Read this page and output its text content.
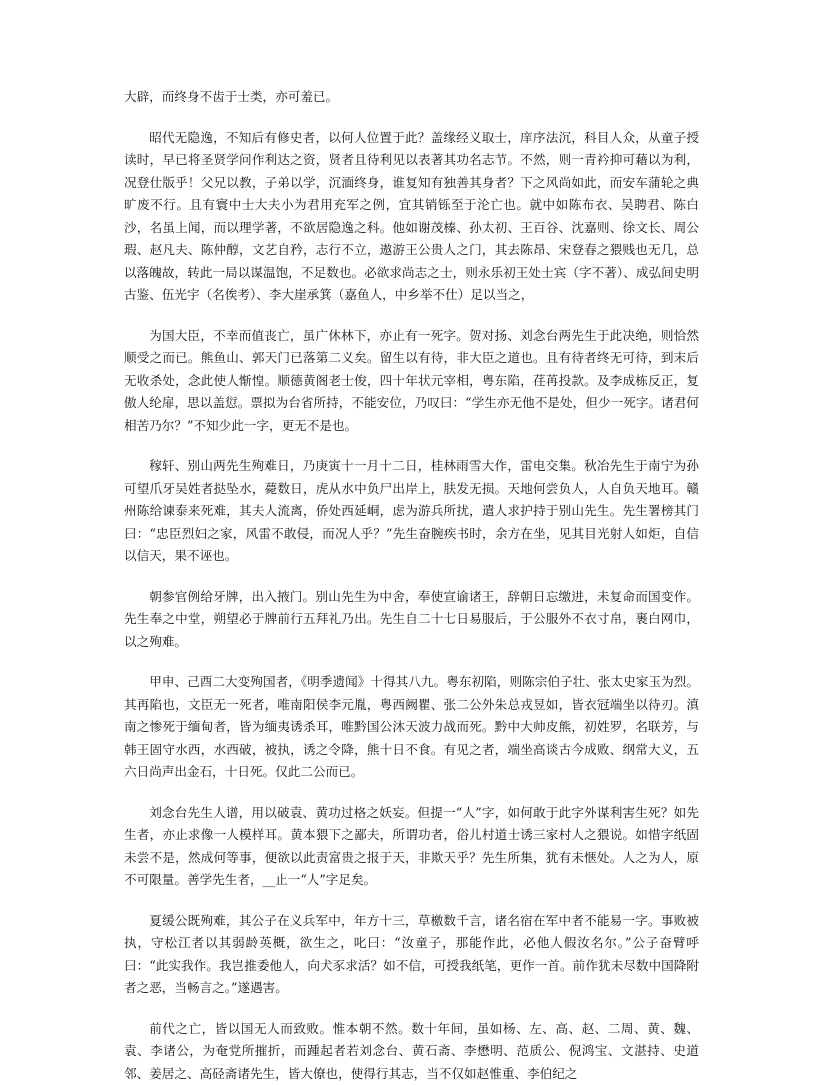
大辟，而终身不齿于士类，亦可羞已。

昭代无隐逸，不知后有修史者，以何人位置于此？盖缘经义取士，庠序法沉，科目人众，从童子授读时，早已将圣贤学问作利达之资，贤者且待利见以表著其功名志节。不然，则一青衿抑可藉以为利，况登仕版乎！父兄以教，子弟以学，沉湎终身，谁复知有独善其身者？下之风尚如此，而安车蒲轮之典旷废不行。且有寰中士大夫小为君用充军之例，宜其销铄至于沦亡也。就中如陈布衣、吴聘君、陈白沙，名虽上闻，而以理学著，不欲居隐逸之科。他如谢茂榛、孙太初、王百谷、沈嘉则、徐文长、周公瑕、赵凡夫、陈仲醇，文艺自矜，志行不立，遨游王公贵人之门，其去陈昂、宋登春之猥贱也无几，总以落魄故，转此一局以谋温饱，不足数也。必欲求尚志之士，则永乐初王处士宾（字不著）、成弘间史明古鉴、伍光宇（名俟考）、李大崖承箕（嘉鱼人，中乡举不仕）足以当之，

为国大臣，不幸而值丧亡，虽广休林下，亦止有一死字。贺对扬、刘念台两先生于此决绝，则恰然顺受之而已。熊鱼山、郭天门已落第二义矣。留生以有待，非大臣之道也。且有待者终无可待，到末后无收杀处，念此使人惭惶。顺德黄阁老士俊，四十年状元宰相，粤东陷，荏苒投款。及李成栋反正，复傲人纶扉，思以盖愆。票拟为台省所持，不能安位，乃叹曰：“学生亦无他不是处，但少一死字。诸君何相苦乃尔？”不知少此一字，更无不是也。

稼轩、别山两先生殉难日，乃庚寅十一月十二日，桂林雨雪大作，雷电交集。秋冶先生于南宁为孙可望爪牙吴姓者挞坠水，薨数日，虎从水中负尸出岸上，肤发无损。天地何尝负人，人自负天地耳。赣州陈给谏泰来死难，其夫人流离，侨处西延峒，虑为游兵所扰，遣人求护持于别山先生。先生署榜其门曰：“忠臣烈妇之家，风雷不敢侵，而况人乎？”先生奋腕疾书时，余方在坐，见其目光射人如炬，自信以信天，果不诬也。

朝参官例给牙牌，出入掖门。别山先生为中舍，奉使宣谕诸王，辞朝日忘缴进，未复命而国变作。先生奉之中堂，朔望必于牌前行五拜礼乃出。先生自二十七日易服后，于公服外不衣寸帛，裹白网巾，以之殉难。

甲申、己酉二大变殉国者，《明季遗闻》十得其八九。粤东初陷，则陈宗伯子壮、张太史家玉为烈。其再陷也，文臣无一死者，唯南阳侯李元胤，粤西阙瞿、张二公外朱总戎昱如，皆衣冠端坐以待刃。滇南之惨死于缅甸者，皆为缅夷诱杀耳，唯黔国公沐天波力战而死。黔中大帅皮熊，初姓罗，名联芳，与韩王固守水西，水西破，被执，诱之令降，熊十日不食。有见之者，端坐高谈古今成败、纲常大义，五六日尚声出金石，十日死。仅此二公而已。

刘念台先生人谱，用以破袁、黄功过格之妖妄。但提一“人”字，如何敢于此字外谋利害生死？如先生者，亦止求像一人模样耳。黄本猥下之鄙夫，所谓功者，俗儿村道士诱三家村人之猥说。如惜字纸固未尝不是，然成何等事，便欲以此责富贵之报于天，非欺天乎？先生所集，犹有未惬处。人之为人，原不可限量。善学先生者，__止一“人”字足矣。

夏缓公既殉难，其公子在义兵军中，年方十三，草檄数千言，诸名宿在军中者不能易一字。事败被执，守松江者以其弱龄英概，欲生之，叱曰：“汝童子，那能作此，必他人假汝名尔。”公子奋臂呼曰：“此实我作。我岂推委他人，向犬豕求活？如不信，可授我纸笔，更作一首。前作犹未尽数中国降附者之恶，当畅言之。”遂遇害。

前代之亡，皆以国无人而致败。惟本朝不然。数十年间，虽如杨、左、高、赵、二周、黄、魏、袁、李诸公，为奄党所摧折，而踵起者若刘念台、黄石斋、李懋明、范质公、倪鸿宝、文湛持、史道邻、姜居之、高硁斋诸先生，皆大僚也，使得行其志，当不仅如赵惟重、李伯纪之
